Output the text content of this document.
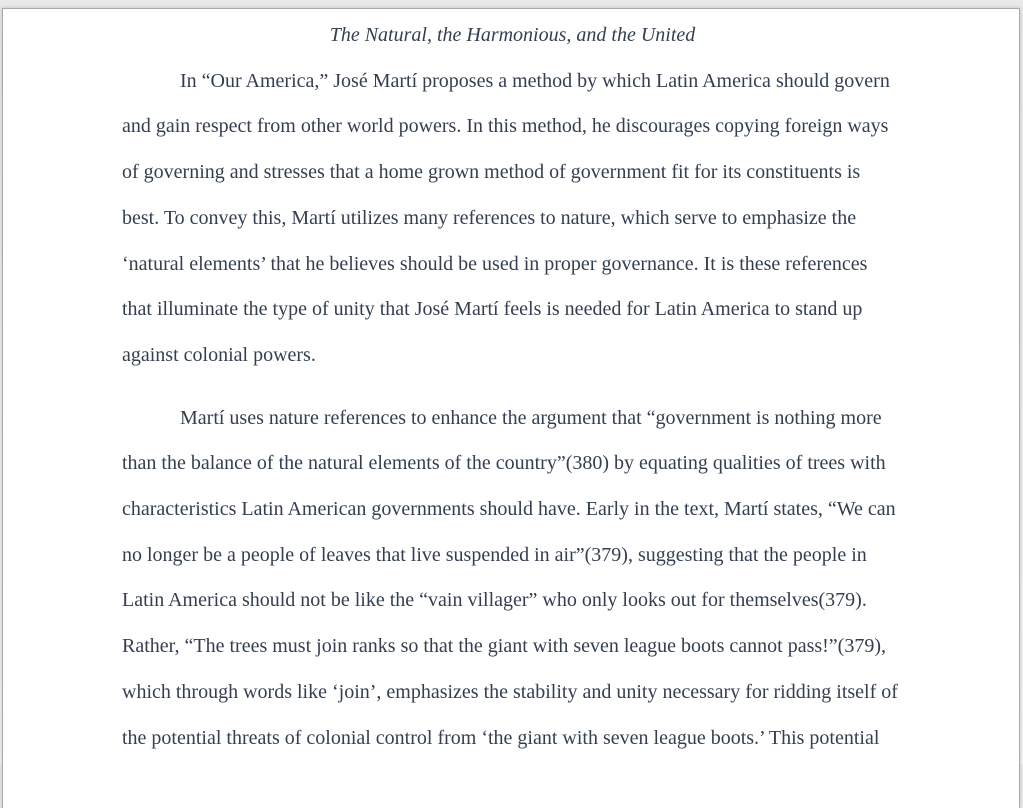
The Natural, the Harmonious, and the United
In “Our America,” José Martí proposes a method by which Latin America should govern
and gain respect from other world powers. In this method, he discourages copying foreign ways
of governing and stresses that a home grown method of government fit for its constituents is
best. To convey this, Martí utilizes many references to nature, which serve to emphasize the
‘natural elements’ that he believes should be used in proper governance. It is these references
that illuminate the type of unity that José Martí feels is needed for Latin America to stand up
against colonial powers.
Martí uses nature references to enhance the argument that “government is nothing more
than the balance of the natural elements of the country”(380) by equating qualities of trees with
characteristics Latin American governments should have. Early in the text, Martí states, “We can
no longer be a people of leaves that live suspended in air”(379), suggesting that the people in
Latin America should not be like the “vain villager” who only looks out for themselves(379).
Rather, “The trees must join ranks so that the giant with seven league boots cannot pass!”(379),
which through words like ‘join’, emphasizes the stability and unity necessary for ridding itself of
the potential threats of colonial control from ‘the giant with seven league boots.’ This potential
